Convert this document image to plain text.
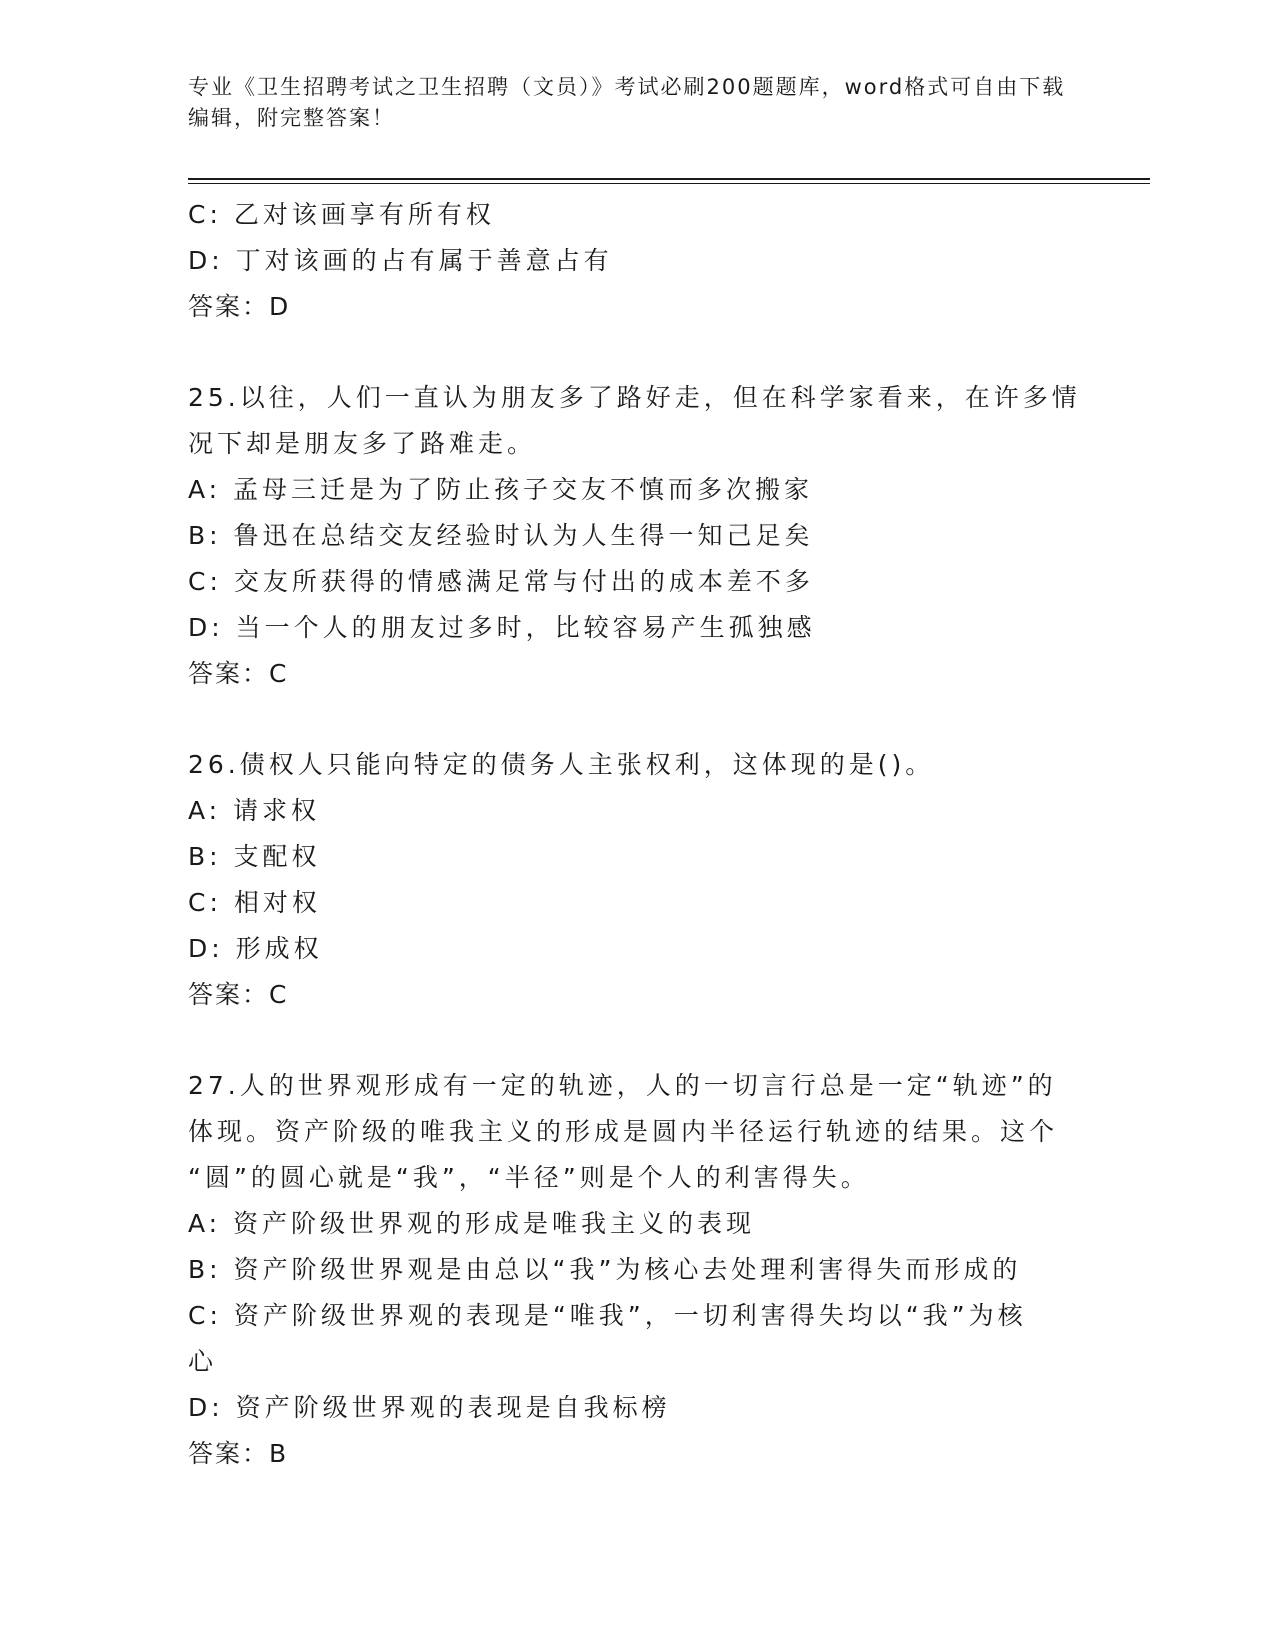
专业《卫生招聘考试之卫生招聘（文员）》考试必刷200题题库，word格式可自由下载编辑，附完整答案！
C: 乙对该画享有所有权
D: 丁对该画的占有属于善意占有
答案：D
25.以往，人们一直认为朋友多了路好走，但在科学家看来，在许多情
况下却是朋友多了路难走。
A: 孟母三迁是为了防止孩子交友不慎而多次搬家
B: 鲁迅在总结交友经验时认为人生得一知己足矣
C: 交友所获得的情感满足常与付出的成本差不多
D: 当一个人的朋友过多时，比较容易产生孤独感
答案：C
26.债权人只能向特定的债务人主张权利，这体现的是()。
A: 请求权
B: 支配权
C: 相对权
D: 形成权
答案：C
27.人的世界观形成有一定的轨迹，人的一切言行总是一定“轨迹”的
体现。资产阶级的唯我主义的形成是圆内半径运行轨迹的结果。这个
“圆”的圆心就是“我”，“半径”则是个人的利害得失。
A: 资产阶级世界观的形成是唯我主义的表现
B: 资产阶级世界观是由总以“我”为核心去处理利害得失而形成的
C: 资产阶级世界观的表现是“唯我”，一切利害得失均以“我”为核
心
D: 资产阶级世界观的表现是自我标榜
答案：B
